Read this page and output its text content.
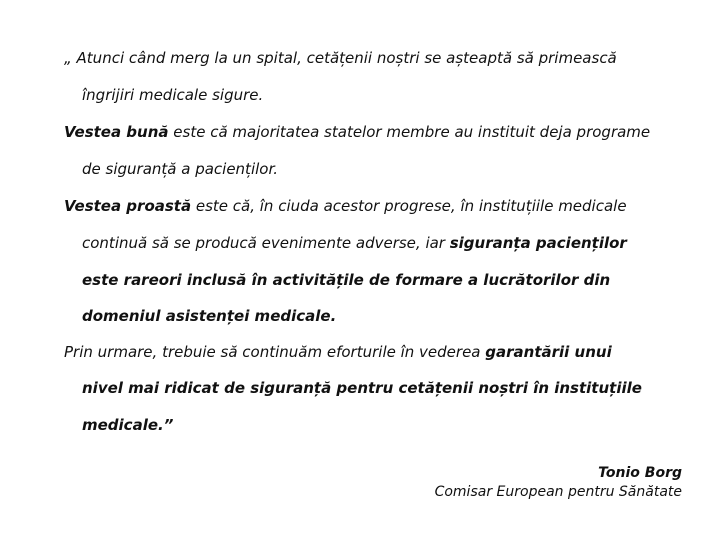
„ Atunci când merg la un spital, cetățenii noștri se așteaptă să primească
îngrijiri medicale sigure.
Vestea bună este că majoritatea statelor membre au instituit deja programe
de siguranță a pacienților.
Vestea proastă este că, în ciuda acestor progrese, în instituțiile medicale
continuă să se producă evenimente adverse, iar siguranța pacienților
este rareori inclusă în activitățile de formare a lucrătorilor din
domeniul asistenței medicale.
Prin urmare, trebuie să continuăm eforturile în vederea garantării unui
nivel mai ridicat de siguranță pentru cetățenii noștri în instituțiile
medicale.”
Tonio Borg
Comisar European pentru Sănătate
